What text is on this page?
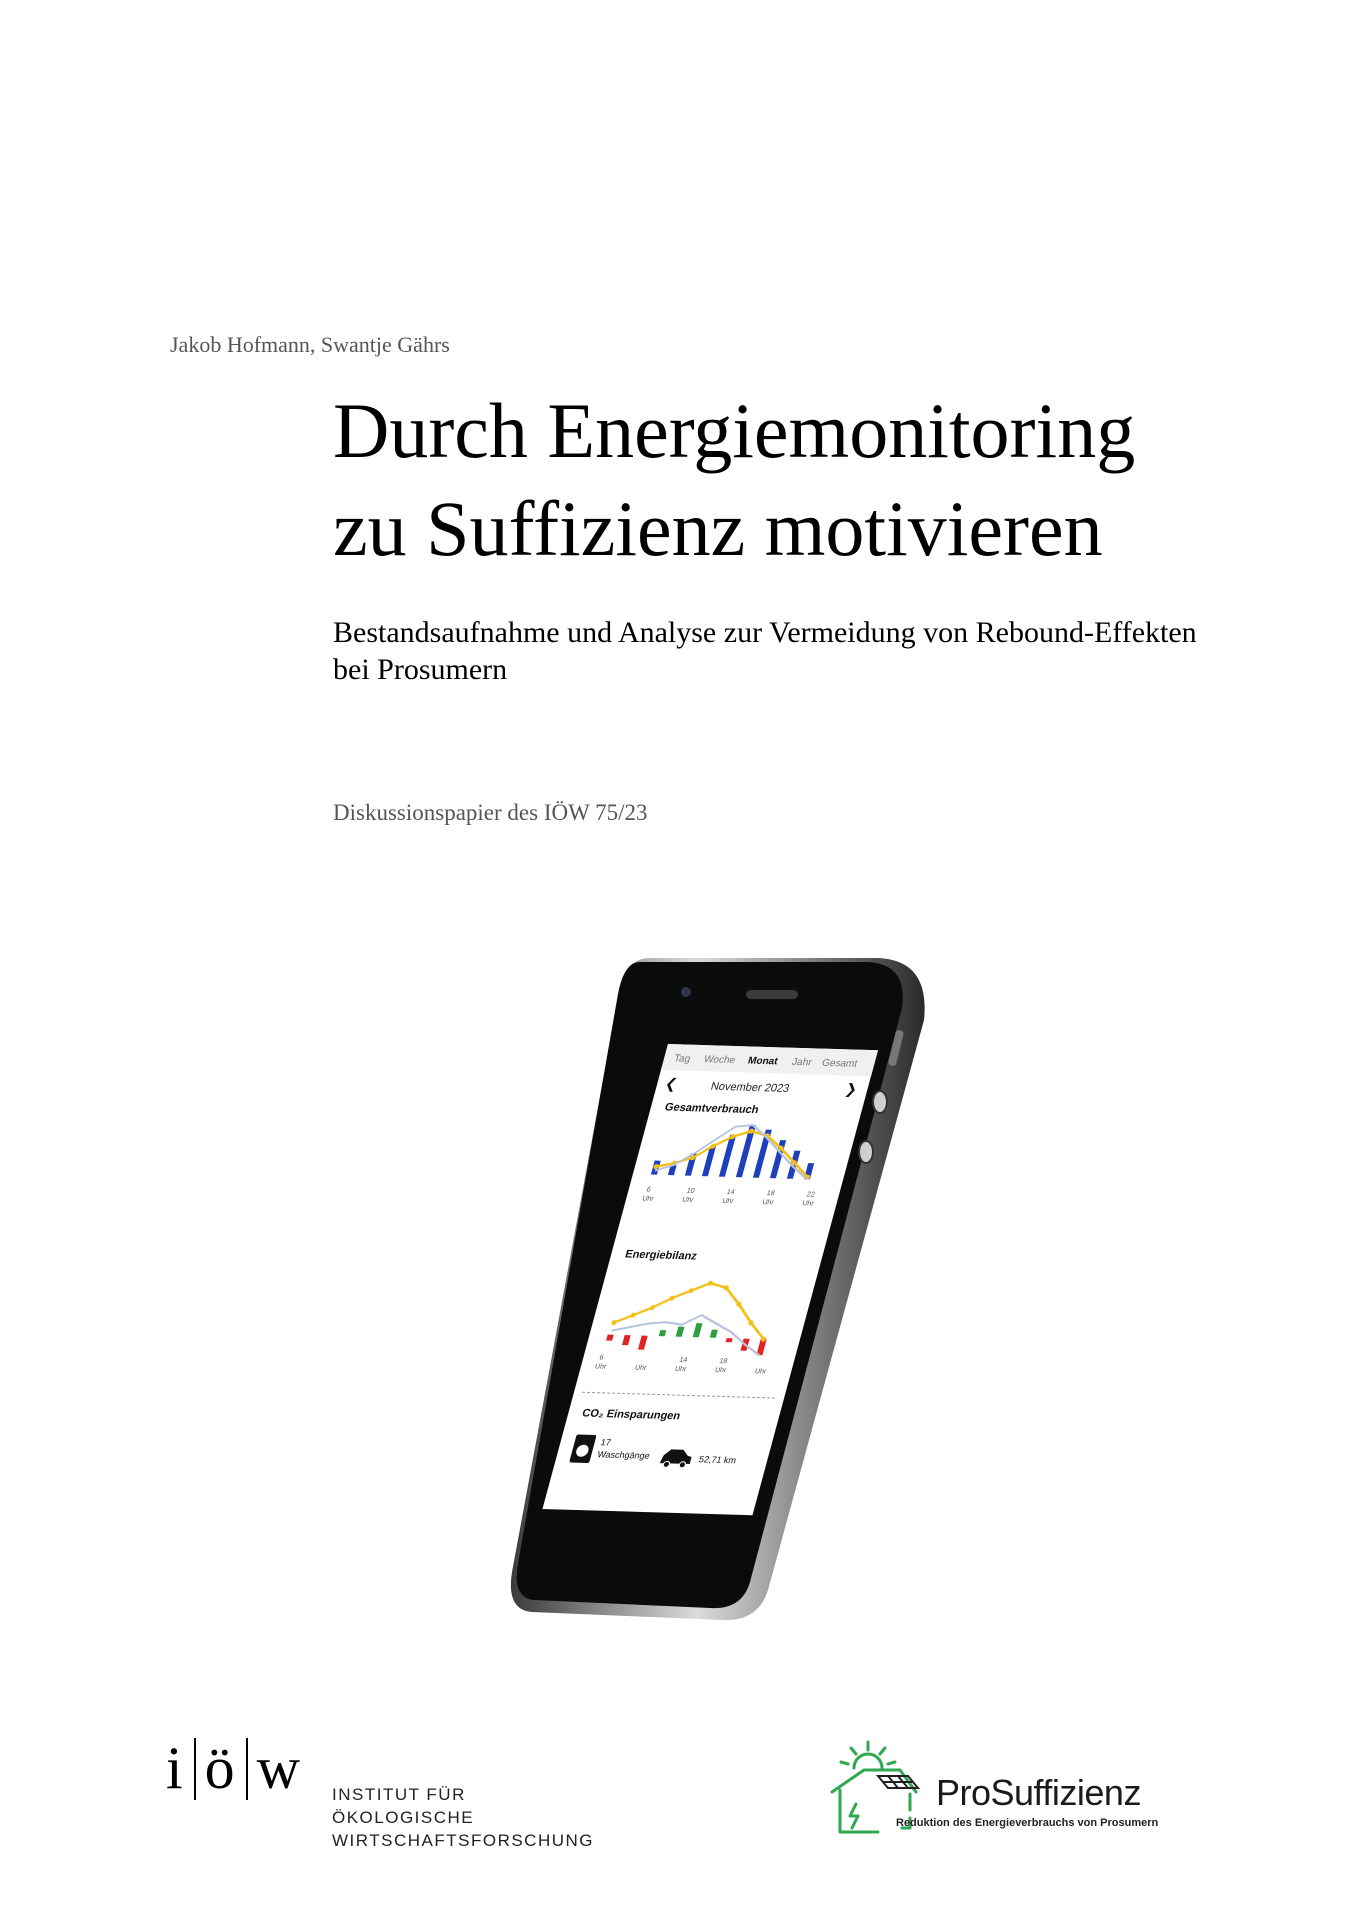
Jakob Hofmann, Swantje Gährs
Durch Energiemonitoring
zu Suffizienz motivieren
Bestandsaufnahme und Analyse zur Vermeidung von Rebound-Effekten
bei Prosumern
Diskussionspapier des IÖW 75/23
Tag Woche Monat Jahr Gesamt
❮	November 2023	❯
Gesamtverbrauch
6
Uhr
10
Uhr
14
Uhr
18
Uhr
22
Uhr
Energiebilanz
6
Uhr	Uhr
14
Uhr
18
Uhr	Uhr
CO₂ Einsparungen
17
Waschgänge	52,71 km
i ö w INSTITUT FÜR
ÖKOLOGISCHE WIRTSCHAFTSFORSCHUNG
ProSuffizienz
Reduktion des Energieverbrauchs von Prosumern
